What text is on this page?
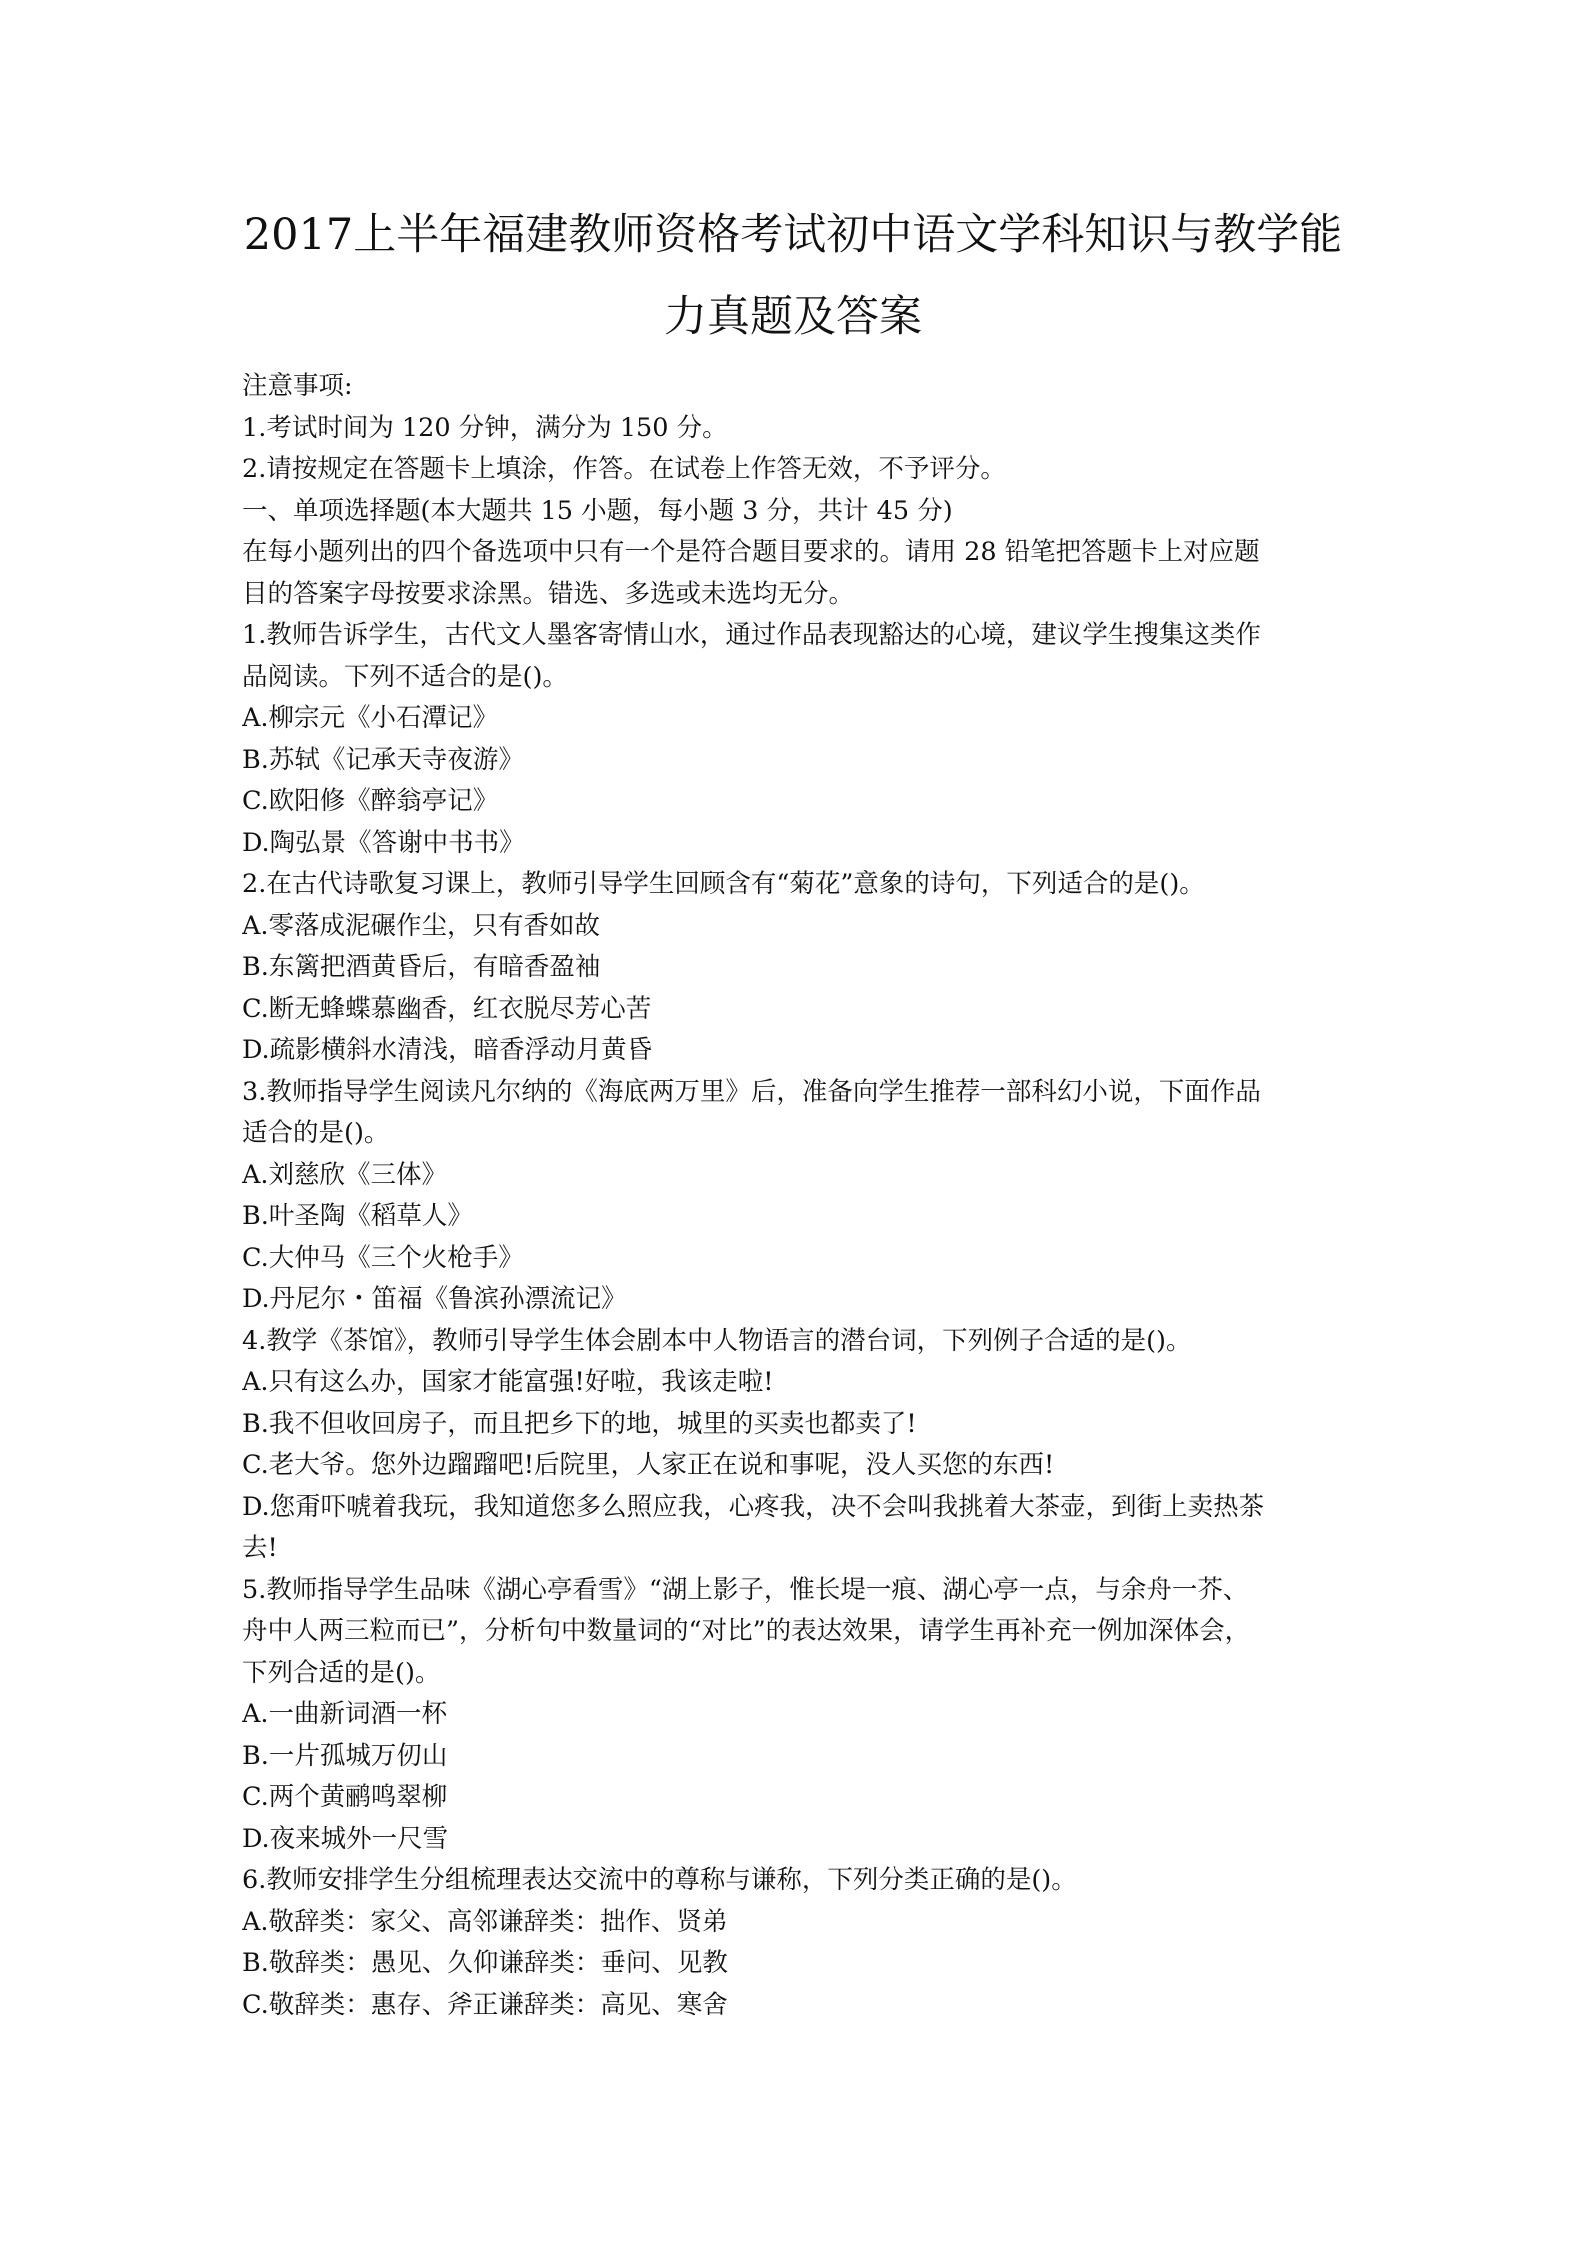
2017上半年福建教师资格考试初中语文学科知识与教学能
力真题及答案
注意事项:
1.考试时间为 120 分钟，满分为 150 分。
2.请按规定在答题卡上填涂，作答。在试卷上作答无效，不予评分。
一、单项选择题(本大题共 15 小题，每小题 3 分，共计 45 分)
在每小题列出的四个备选项中只有一个是符合题目要求的。请用 28 铅笔把答题卡上对应题
目的答案字母按要求涂黑。错选、多选或未选均无分。
1.教师告诉学生，古代文人墨客寄情山水，通过作品表现豁达的心境，建议学生搜集这类作
品阅读。下列不适合的是()。
A.柳宗元《小石潭记》
B.苏轼《记承天寺夜游》
C.欧阳修《醉翁亭记》
D.陶弘景《答谢中书书》
2.在古代诗歌复习课上，教师引导学生回顾含有“菊花”意象的诗句，下列适合的是()。
A.零落成泥碾作尘，只有香如故
B.东篱把酒黄昏后，有暗香盈袖
C.断无蜂蝶慕幽香，红衣脱尽芳心苦
D.疏影横斜水清浅，暗香浮动月黄昏
3.教师指导学生阅读凡尔纳的《海底两万里》后，准备向学生推荐一部科幻小说，下面作品
适合的是()。
A.刘慈欣《三体》
B.叶圣陶《稻草人》
C.大仲马《三个火枪手》
D.丹尼尔・笛福《鲁滨孙漂流记》
4.教学《茶馆》，教师引导学生体会剧本中人物语言的潜台词，下列例子合适的是()。
A.只有这么办，国家才能富强!好啦，我该走啦!
B.我不但收回房子，而且把乡下的地，城里的买卖也都卖了!
C.老大爷。您外边蹓蹓吧!后院里，人家正在说和事呢，没人买您的东西!
D.您甭吓唬着我玩，我知道您多么照应我，心疼我，决不会叫我挑着大茶壶，到街上卖热茶
去!
5.教师指导学生品味《湖心亭看雪》“湖上影子，惟长堤一痕、湖心亭一点，与余舟一芥、
舟中人两三粒而已”，分析句中数量词的“对比”的表达效果，请学生再补充一例加深体会，
下列合适的是()。
A.一曲新词酒一杯
B.一片孤城万仞山
C.两个黄鹂鸣翠柳
D.夜来城外一尺雪
6.教师安排学生分组梳理表达交流中的尊称与谦称，下列分类正确的是()。
A.敬辞类：家父、高邻谦辞类：拙作、贤弟
B.敬辞类：愚见、久仰谦辞类：垂问、见教
C.敬辞类：惠存、斧正谦辞类：高见、寒舍
